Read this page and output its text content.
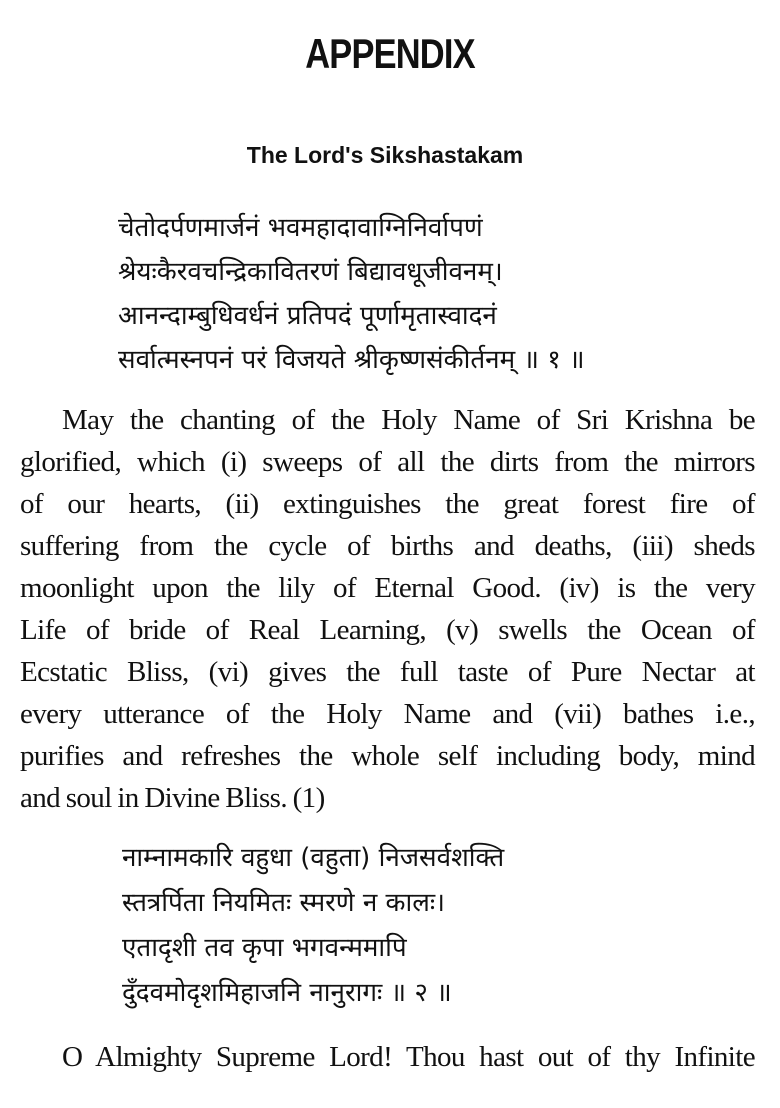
APPENDIX
The Lord's Sikshastakam
चेतोदर्पणमार्जनं भवमहादावाग्निनिर्वापणं
श्रेयःकैरवचन्द्रिकावितरणं बिद्यावधूजीवनम्।
आनन्दाम्बुधिवर्धनं प्रतिपदं पूर्णामृतास्वादनं
सर्वात्मस्नपनं परं विजयते श्रीकृष्णसंकीर्तनम् ॥ १ ॥
May the chanting of the Holy Name of Sri Krishna be
glorified, which (i) sweeps of all the dirts from the mirrors
of our hearts, (ii) extinguishes the great forest fire of
suffering from the cycle of births and deaths, (iii) sheds
moonlight upon the lily of Eternal Good. (iv) is the very
Life of bride of Real Learning, (v) swells the Ocean of
Ecstatic Bliss, (vi) gives the full taste of Pure Nectar at
every utterance of the Holy Name and (vii) bathes i.e.,
purifies and refreshes the whole self including body, mind
and soul in Divine Bliss. (1)
नाम्नामकारि वहुधा (वहुता) निजसर्वशक्ति
स्तत्रर्पिता नियमितः स्मरणे न कालः।
एतादृशी तव कृपा भगवन्ममापि
दुँदवमोदृशमिहाजनि नानुरागः ॥ २ ॥
O Almighty Supreme Lord! Thou hast out of thy Infinite
